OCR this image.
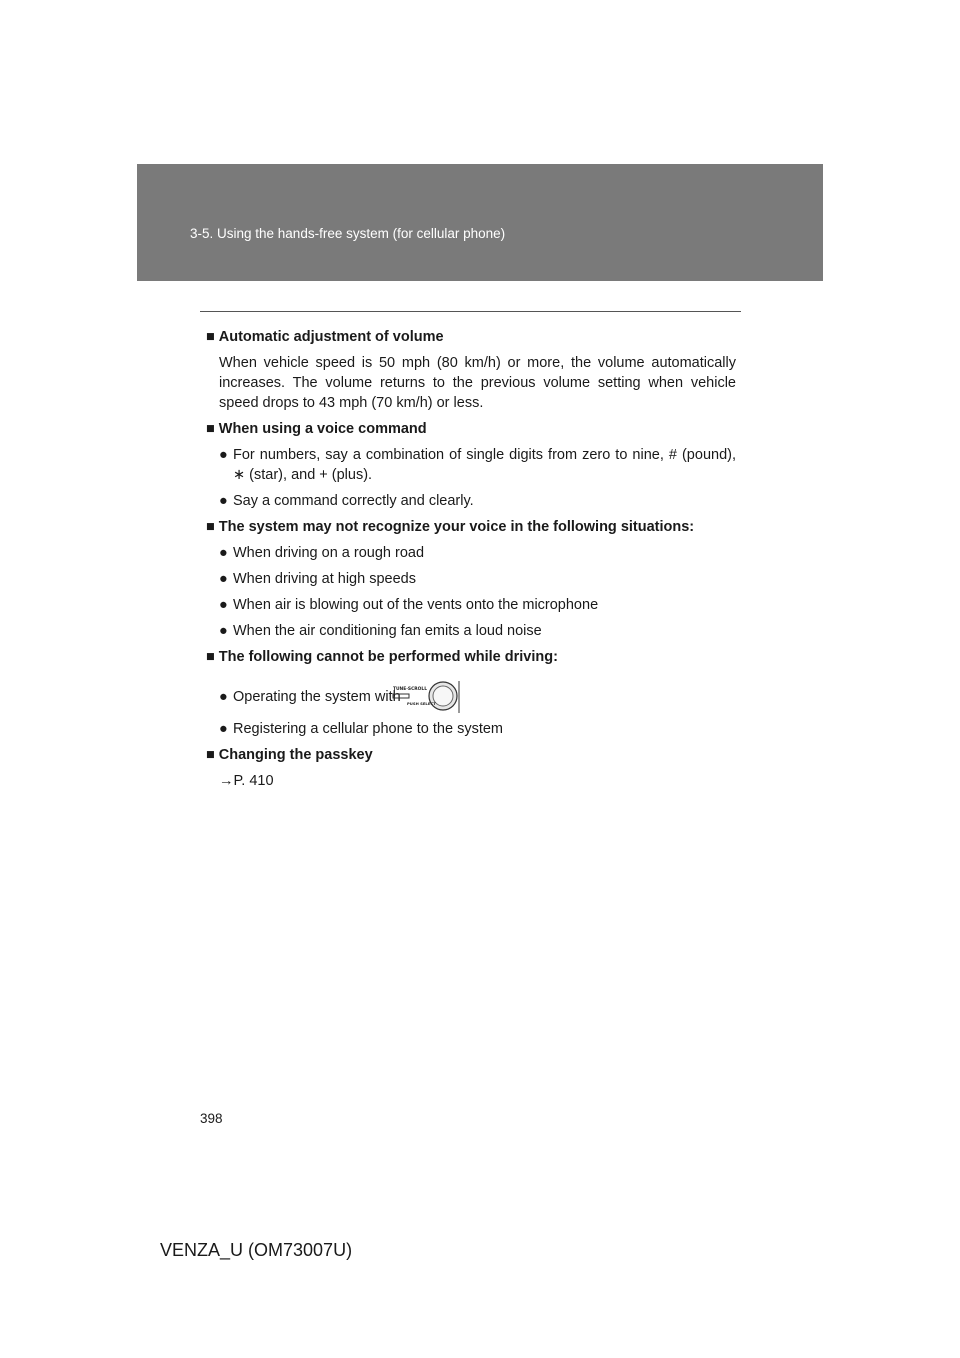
3-5. Using the hands-free system (for cellular phone)

■ Automatic adjustment of volume

When vehicle speed is 50 mph (80 km/h) or more, the volume automatically increases. The volume returns to the previous volume setting when vehicle speed drops to 43 mph (70 km/h) or less.

■ When using a voice command

● For numbers, say a combination of single digits from zero to nine, # (pound), ∗ (star), and + (plus).

● Say a command correctly and clearly.

■ The system may not recognize your voice in the following situations:

● When driving on a rough road

● When driving at high speeds

● When air is blowing out of the vents onto the microphone

● When the air conditioning fan emits a loud noise

■ The following cannot be performed while driving:

● Operating the system with
TUNE·SCROLL
PUSH SELECT

● Registering a cellular phone to the system

■ Changing the passkey

→P. 410

398
VENZA_U (OM73007U)
